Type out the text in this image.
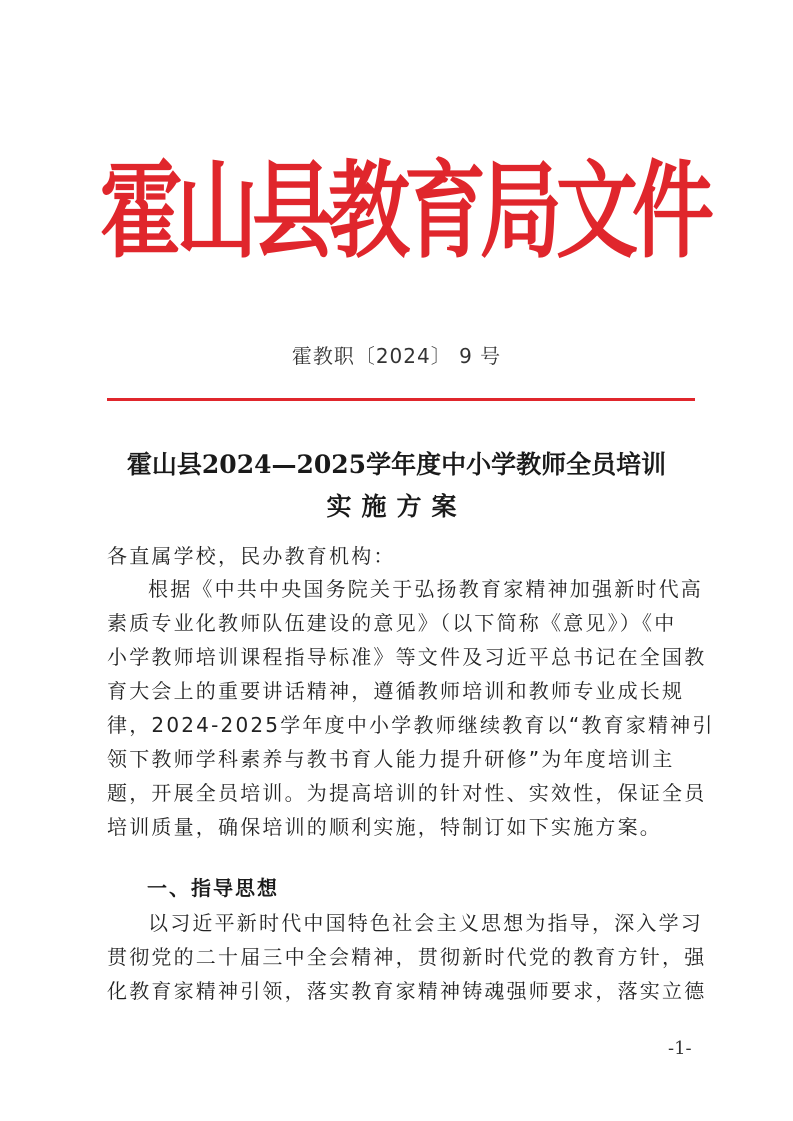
霍山县教育局文件
霍教职〔2024〕 9 号
霍山县2024—2025学年度中小学教师全员培训
实施方案
各直属学校，民办教育机构：
根据《中共中央国务院关于弘扬教育家精神加强新时代高
素质专业化教师队伍建设的意见》（以下简称《意见》）《中
小学教师培训课程指导标准》等文件及习近平总书记在全国教
育大会上的重要讲话精神，遵循教师培训和教师专业成长规
律，2024-2025学年度中小学教师继续教育以“教育家精神引
领下教师学科素养与教书育人能力提升研修”为年度培训主
题，开展全员培训。为提高培训的针对性、实效性，保证全员
培训质量，确保培训的顺利实施，特制订如下实施方案。
一、指导思想
以习近平新时代中国特色社会主义思想为指导，深入学习
贯彻党的二十届三中全会精神，贯彻新时代党的教育方针，强
化教育家精神引领，落实教育家精神铸魂强师要求，落实立德
-1-
